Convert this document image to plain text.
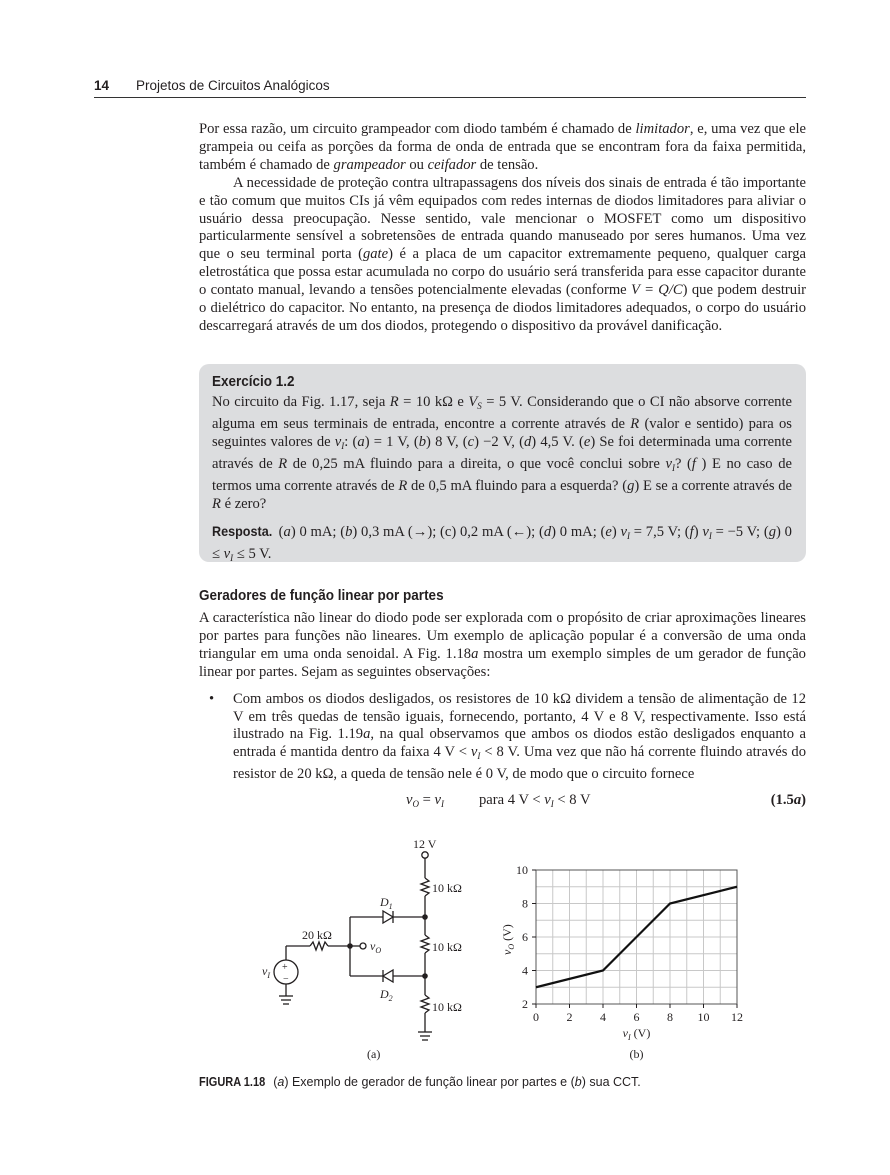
14 Projetos de Circuitos Analógicos

Por essa razão, um circuito grampeador com diodo também é chamado de limitador, e, uma vez que ele grampeia ou ceifa as porções da forma de onda de entrada que se encontram fora da faixa permitida, também é chamado de grampeador ou ceifador de tensão.

A necessidade de proteção contra ultrapassagens dos níveis dos sinais de entrada é tão importante e tão comum que muitos CIs já vêm equipados com redes internas de diodos limitadores para aliviar o usuário dessa preocupação. Nesse sentido, vale mencionar o MOSFET como um dispositivo particularmente sensível a sobretensões de entrada quando manuseado por seres humanos. Uma vez que o seu terminal porta (gate) é a placa de um capacitor extremamente pequeno, qualquer carga eletrostática que possa estar acumulada no corpo do usuário será transferida para esse capacitor durante o contato manual, levando a tensões potencialmente elevadas (conforme V = Q/C) que podem destruir o dielétrico do capacitor. No entanto, na presença de diodos limitadores adequados, o corpo do usuário descarregará através de um dos diodos, protegendo o dispositivo da provável danificação.

Exercício 1.2

No circuito da Fig. 1.17, seja R = 10 kΩ e $V_S = 5$ V. Considerando que o CI não absorve corrente alguma em seus terminais de entrada, encontre a corrente através de R (valor e sentido) para os seguintes valores de $v_I$: (a) = 1 V, (b) 8 V, (c) −2 V, (d) 4,5 V. (e) Se foi determinada uma corrente através de R de 0,25 mA fluindo para a direita, o que você conclui sobre $v_I$? (f ) E no caso de termos uma corrente através de R de 0,5 mA fluindo para a esquerda? (g) E se a corrente através de R é zero?

Resposta. (a) 0 mA; (b) 0,3 mA (→); (c) 0,2 mA (←); (d) 0 mA; (e) $v_I = 7,5$ V; (f) $v_I = -5$ V; (g) $0 \le v_I \le 5$ V.

Geradores de função linear por partes

A característica não linear do diodo pode ser explorada com o propósito de criar aproximações lineares por partes para funções não lineares. Um exemplo de aplicação popular é a conversão de uma onda triangular em uma onda senoidal. A Fig. 1.18a mostra um exemplo simples de um gerador de função linear por partes. Sejam as seguintes observações:

• Com ambos os diodos desligados, os resistores de 10 kΩ dividem a tensão de alimentação de 12 V em três quedas de tensão iguais, fornecendo, portanto, 4 V e 8 V, respectivamente. Isso está ilustrado na Fig. 1.19a, na qual observamos que ambos os diodos estão desligados enquanto a entrada é mantida dentro da faixa 4 $V < v_I < 8$ V. Uma vez que não há corrente fluindo através do resistor de 20 kΩ, a queda de tensão nele é 0 V, de modo que o circuito fornece
$v_O = v_I$ para 4 $V < v_I < 8$ V	(1.5a)
12 V
10 kΩ
10 kΩ
10 kΩ
20 kΩ
$D_1$
$D_2$
$v_O$
$v_I$
+
−
(a)
0 2 4 6 8 10 12
2
4
6
8
10
$v_I$ (V)
$v_O$ (V)
(b)
FIGURA 1.18  (a) Exemplo de gerador de função linear por partes e (b) sua CCT.
